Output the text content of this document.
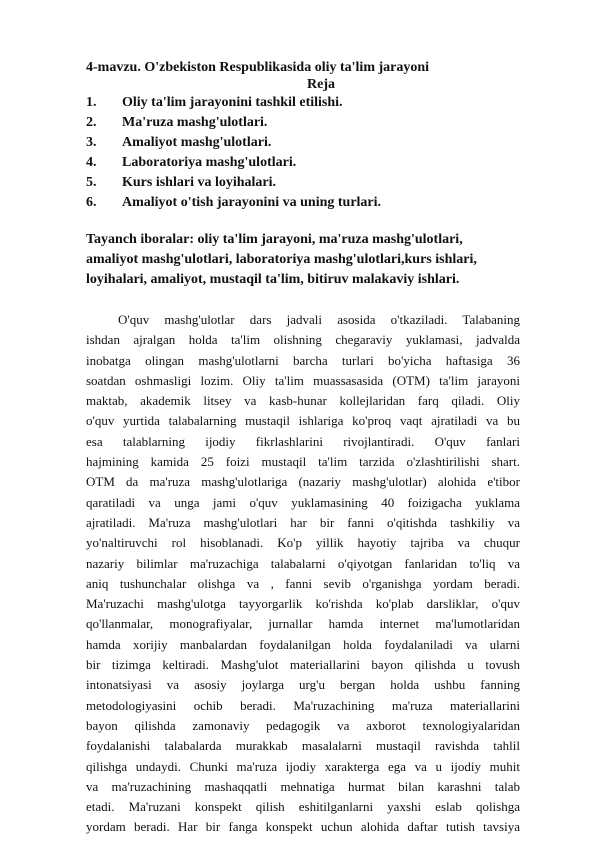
4-mavzu. O'zbekiston Respublikasida oliy ta'lim jarayoni
Reja
1.	Oliy ta'lim jarayonini tashkil etilishi.
2.	Ma'ruza mashg'ulotlari.
3.	Amaliyot mashg'ulotlari.
4.	Laboratoriya mashg'ulotlari.
5.	Kurs ishlari va loyihalari.
6.	Amaliyot o'tish jarayonini va uning turlari.
Tayanch iboralar: oliy ta'lim jarayoni, ma'ruza mashg'ulotlari,
amaliyot mashg'ulotlari, laboratoriya mashg'ulotlari,kurs ishlari,
loyihalari, amaliyot, mustaqil ta'lim, bitiruv malakaviy ishlari.
O'quv mashg'ulotlar dars jadvali asosida o'tkaziladi. Talabaning
ishdan ajralgan holda ta'lim olishning chegaraviy yuklamasi, jadvalda
inobatga olingan mashg'ulotlarni barcha turlari bo'yicha haftasiga 36
soatdan oshmasligi lozim. Oliy ta'lim muassasasida (OTM) ta'lim jarayoni
maktab, akademik litsey va kasb-hunar kollejlaridan farq qiladi. Oliy
o'quv yurtida talabalarning mustaqil ishlariga ko'proq vaqt ajratiladi va bu
esa talablarning ijodiy fikrlashlarini rivojlantiradi. O'quv fanlari
hajmining kamida 25 foizi mustaqil ta'lim tarzida o'zlashtirilishi shart.
OTM da ma'ruza mashg'ulotlariga (nazariy mashg'ulotlar) alohida e'tibor
qaratiladi va unga jami o'quv yuklamasining 40 foizigacha yuklama
ajratiladi. Ma'ruza mashg'ulotlari har bir fanni o'qitishda tashkiliy va
yo'naltiruvchi rol hisoblanadi. Ko'p yillik hayotiy tajriba va chuqur
nazariy bilimlar ma'ruzachiga talabalarni o'qiyotgan fanlaridan to'liq va
aniq tushunchalar olishga va , fanni sevib o'rganishga yordam beradi.
Ma'ruzachi mashg'ulotga tayyorgarlik ko'rishda ko'plab darsliklar, o'quv
qo'llanmalar, monografiyalar, jurnallar hamda internet ma'lumotlaridan
hamda xorijiy manbalardan foydalanilgan holda foydalaniladi va ularni
bir tizimga keltiradi. Mashg'ulot materiallarini bayon qilishda u tovush
intonatsiyasi va asosiy joylarga urg'u bergan holda ushbu fanning
metodologiyasini ochib beradi. Ma'ruzachining ma'ruza materiallarini
bayon qilishda zamonaviy pedagogik va axborot texnologiyalaridan
foydalanishi talabalarda murakkab masalalarni mustaqil ravishda tahlil
qilishga undaydi. Chunki ma'ruza ijodiy xarakterga ega va u ijodiy muhit
va ma'ruzachining mashaqqatli mehnatiga hurmat bilan karashni talab
etadi. Ma'ruzani konspekt qilish eshitilganlarni yaxshi eslab qolishga
yordam beradi. Har bir fanga konspekt uchun alohida daftar tutish tavsiya
